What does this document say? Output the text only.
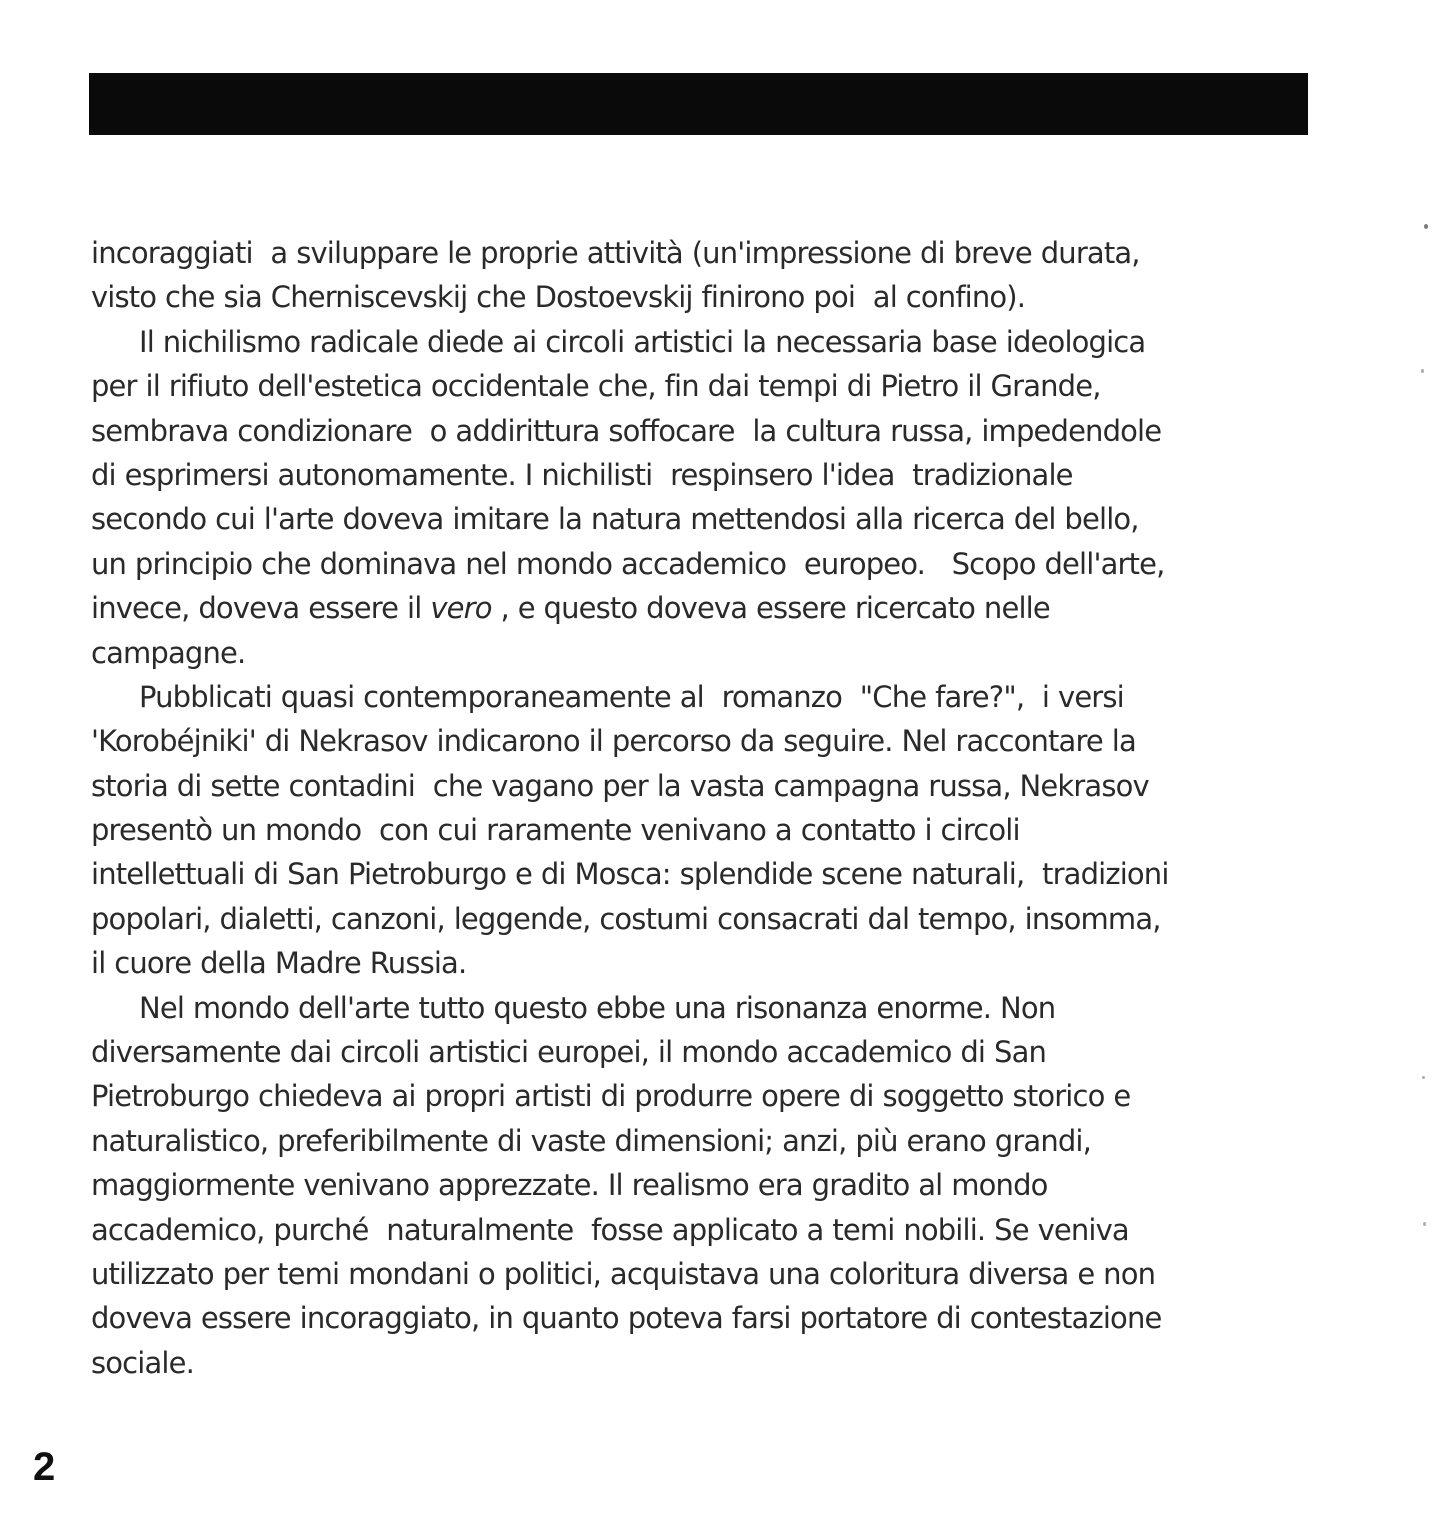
incoraggiati  a sviluppare le proprie attività (un'impressione di breve durata,
visto che sia Cherniscevskij che Dostoevskij finirono poi  al confino).
Il nichilismo radicale diede ai circoli artistici la necessaria base ideologica
per il rifiuto dell'estetica occidentale che, fin dai tempi di Pietro il Grande,
sembrava condizionare  o addirittura soffocare  la cultura russa, impedendole
di esprimersi autonomamente. I nichilisti  respinsero l'idea  tradizionale
secondo cui l'arte doveva imitare la natura mettendosi alla ricerca del bello,
un principio che dominava nel mondo accademico  europeo.   Scopo dell'arte,
invece, doveva essere il vero , e questo doveva essere ricercato nelle
campagne.
Pubblicati quasi contemporaneamente al  romanzo  "Che fare?",  i versi
'Korobéjniki' di Nekrasov indicarono il percorso da seguire. Nel raccontare la
storia di sette contadini  che vagano per la vasta campagna russa, Nekrasov
presentò un mondo  con cui raramente venivano a contatto i circoli
intellettuali di San Pietroburgo e di Mosca: splendide scene naturali,  tradizioni
popolari, dialetti, canzoni, leggende, costumi consacrati dal tempo, insomma,
il cuore della Madre Russia.
Nel mondo dell'arte tutto questo ebbe una risonanza enorme. Non
diversamente dai circoli artistici europei, il mondo accademico di San
Pietroburgo chiedeva ai propri artisti di produrre opere di soggetto storico e
naturalistico, preferibilmente di vaste dimensioni; anzi, più erano grandi,
maggiormente venivano apprezzate. Il realismo era gradito al mondo
accademico, purché  naturalmente  fosse applicato a temi nobili. Se veniva
utilizzato per temi mondani o politici, acquistava una coloritura diversa e non
doveva essere incoraggiato, in quanto poteva farsi portatore di contestazione
sociale.
2
